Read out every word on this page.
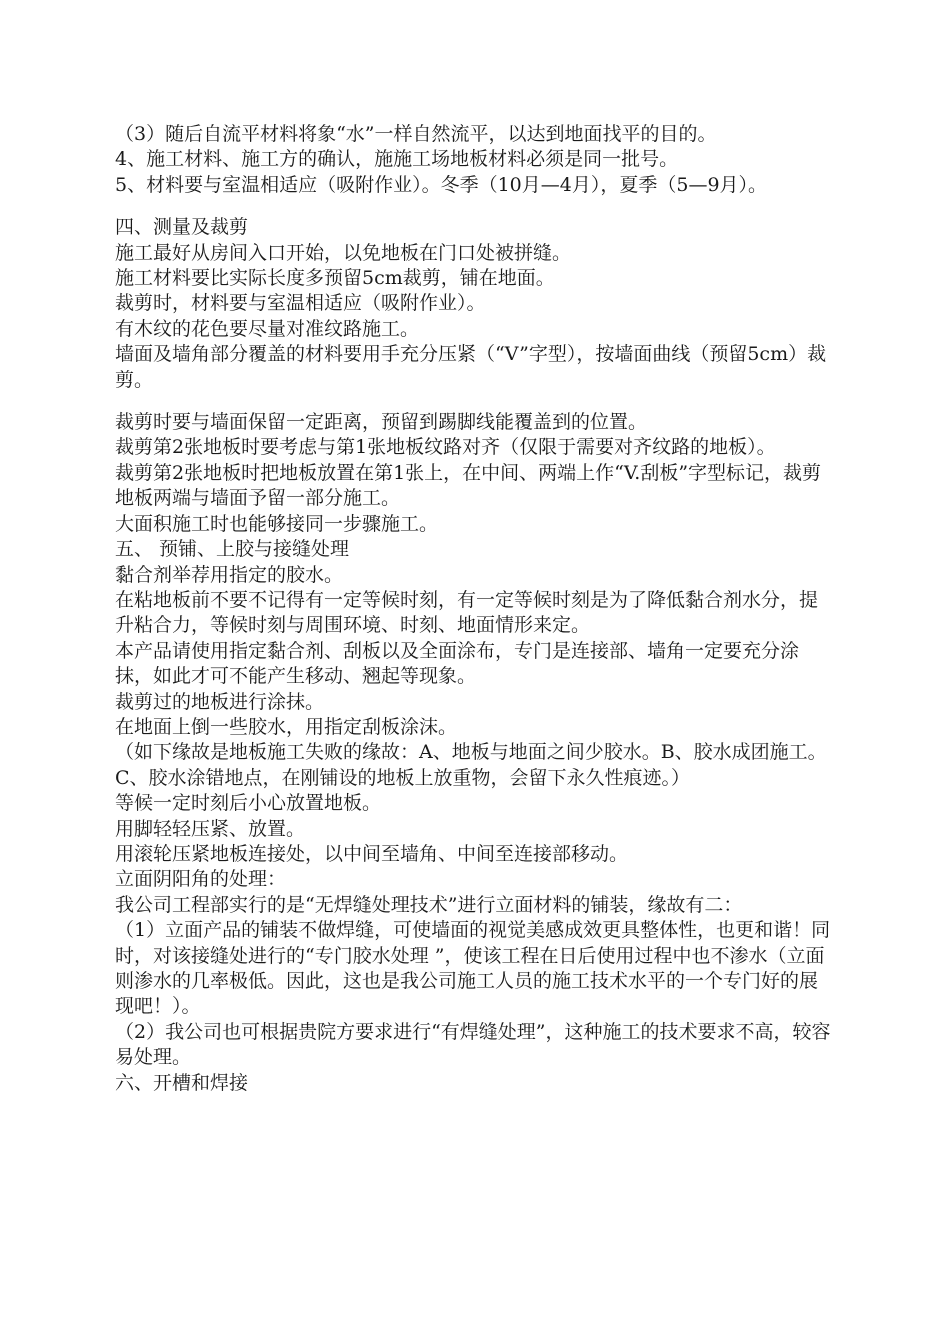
（3）随后自流平材料将象“水”一样自然流平，以达到地面找平的目的。

4、施工材料、施工方的确认，施施工场地板材料必须是同一批号。

5、材料要与室温相适应（吸附作业）。冬季（10月—4月），夏季（5—9月）。

四、测量及裁剪

施工最好从房间入口开始，以免地板在门口处被拼缝。

施工材料要比实际长度多预留5cm裁剪，铺在地面。

裁剪时，材料要与室温相适应（吸附作业）。

有木纹的花色要尽量对准纹路施工。

墙面及墙角部分覆盖的材料要用手充分压紧（“V”字型），按墙面曲线（预留5cm）裁剪。

裁剪时要与墙面保留一定距离，预留到踢脚线能覆盖到的位置。

裁剪第2张地板时要考虑与第1张地板纹路对齐（仅限于需要对齐纹路的地板）。

裁剪第2张地板时把地板放置在第1张上，在中间、两端上作“V.刮板”字型标记，裁剪地板两端与墙面予留一部分施工。

大面积施工时也能够接同一步骤施工。

五、 预铺、上胶与接缝处理

黏合剂举荐用指定的胶水。

在粘地板前不要不记得有一定等候时刻，有一定等候时刻是为了降低黏合剂水分，提升粘合力，等候时刻与周围环境、时刻、地面情形来定。

本产品请使用指定黏合剂、刮板以及全面涂布，专门是连接部、墙角一定要充分涂抹，如此才可不能产生移动、翘起等现象。

裁剪过的地板进行涂抹。

在地面上倒一些胶水，用指定刮板涂沫。

（如下缘故是地板施工失败的缘故：A、地板与地面之间少胶水。B、胶水成团施工。C、胶水涂错地点，在刚铺设的地板上放重物，会留下永久性痕迹。）

等候一定时刻后小心放置地板。

用脚轻轻压紧、放置。

用滚轮压紧地板连接处，以中间至墙角、中间至连接部移动。

立面阴阳角的处理：

我公司工程部实行的是“无焊缝处理技术”进行立面材料的铺装，缘故有二：

（1）立面产品的铺装不做焊缝，可使墙面的视觉美感成效更具整体性，也更和谐！同时，对该接缝处进行的“专门胶水处理 ”，使该工程在日后使用过程中也不渗水（立面则渗水的几率极低。因此，这也是我公司施工人员的施工技术水平的一个专门好的展现吧！）。

（2）我公司也可根据贵院方要求进行“有焊缝处理”，这种施工的技术要求不高，较容易处理。

六、开槽和焊接
